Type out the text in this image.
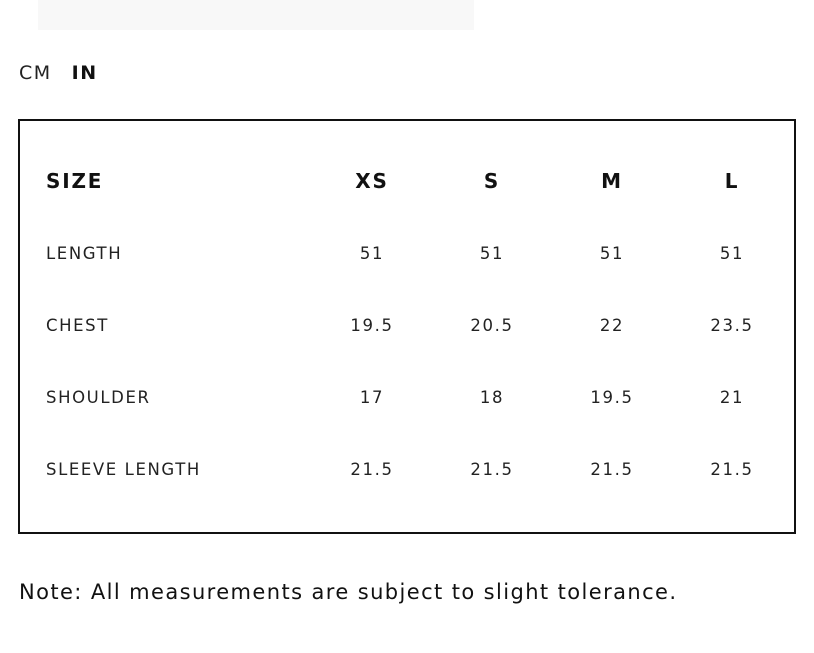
CM IN
SIZE	XS	S	M	L
LENGTH	51	51	51	51
CHEST	19.5	20.5	22	23.5
SHOULDER	17	18	19.5	21
SLEEVE LENGTH	21.5	21.5	21.5	21.5
Note: All measurements are subject to slight tolerance.
